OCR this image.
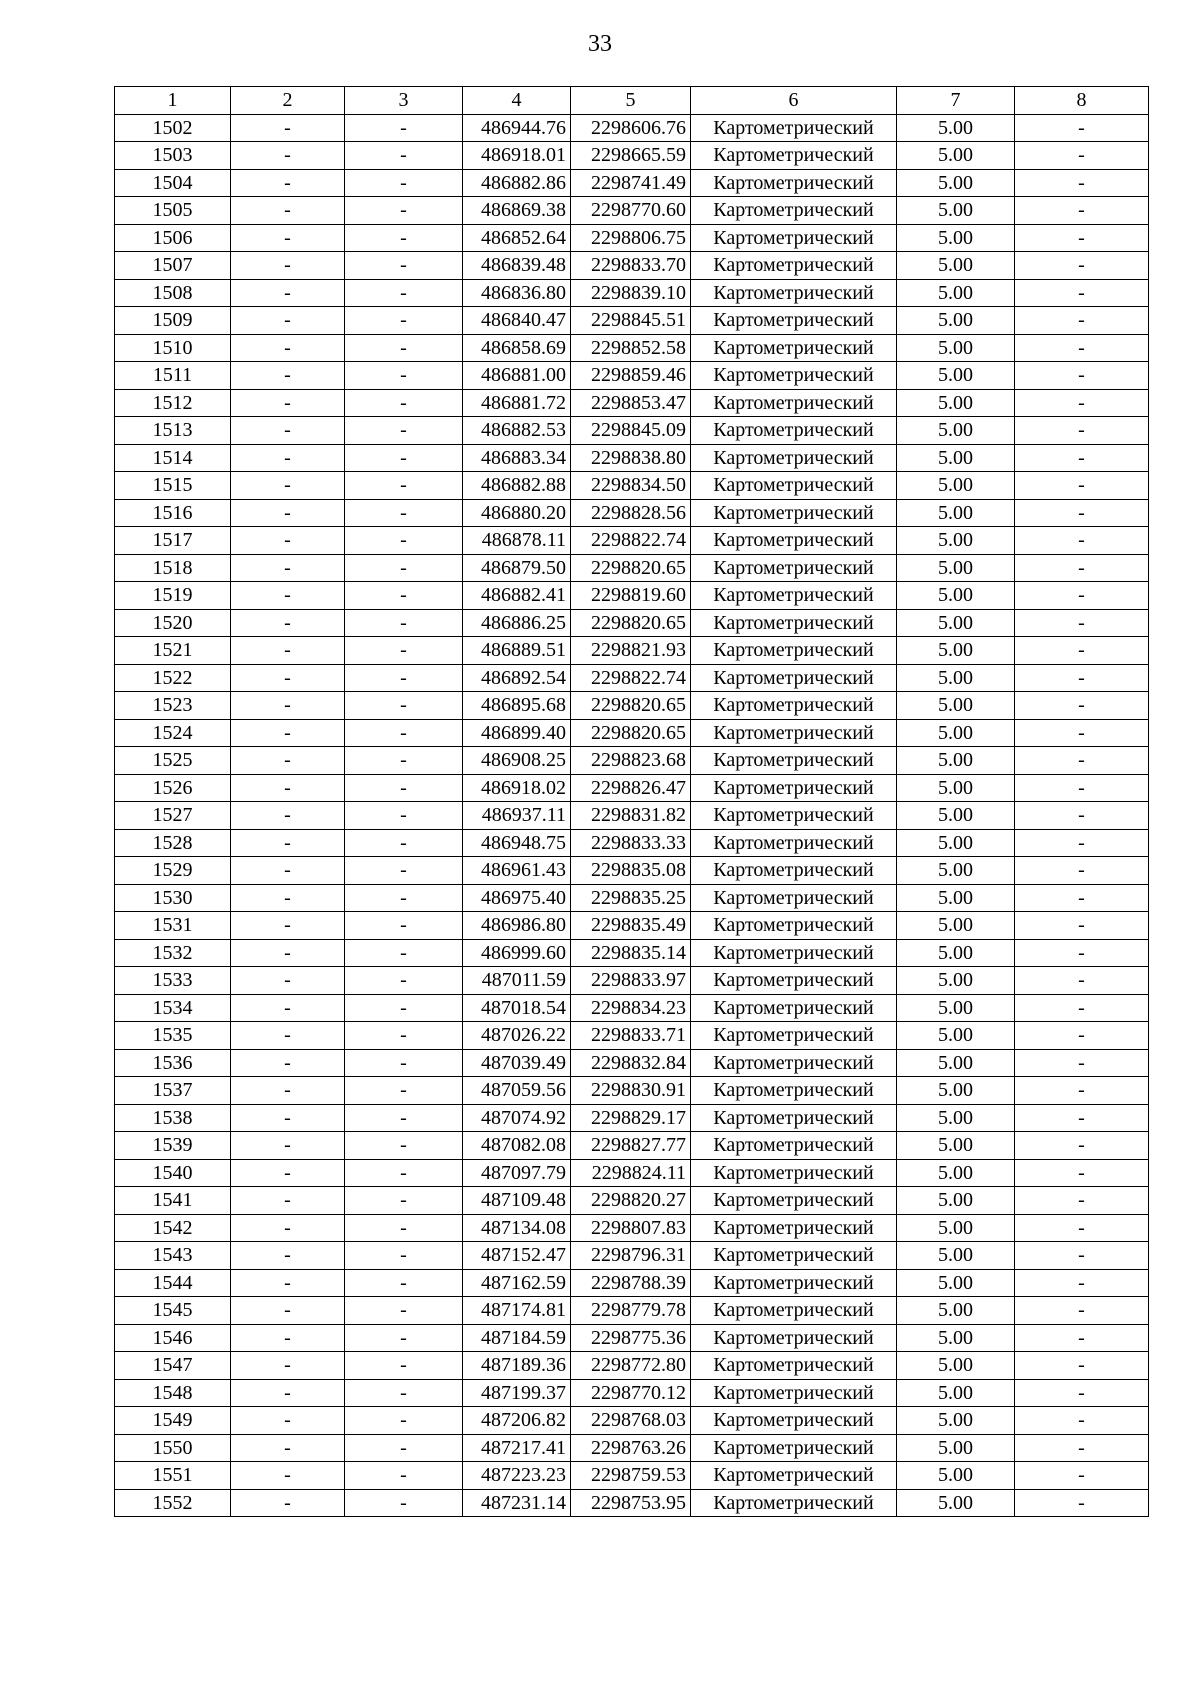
33
1	2	3	4	5	6	7	8
1502	-	-	486944.76	2298606.76	Картометрический	5.00	-
1503	-	-	486918.01	2298665.59	Картометрический	5.00	-
1504	-	-	486882.86	2298741.49	Картометрический	5.00	-
1505	-	-	486869.38	2298770.60	Картометрический	5.00	-
1506	-	-	486852.64	2298806.75	Картометрический	5.00	-
1507	-	-	486839.48	2298833.70	Картометрический	5.00	-
1508	-	-	486836.80	2298839.10	Картометрический	5.00	-
1509	-	-	486840.47	2298845.51	Картометрический	5.00	-
1510	-	-	486858.69	2298852.58	Картометрический	5.00	-
1511	-	-	486881.00	2298859.46	Картометрический	5.00	-
1512	-	-	486881.72	2298853.47	Картометрический	5.00	-
1513	-	-	486882.53	2298845.09	Картометрический	5.00	-
1514	-	-	486883.34	2298838.80	Картометрический	5.00	-
1515	-	-	486882.88	2298834.50	Картометрический	5.00	-
1516	-	-	486880.20	2298828.56	Картометрический	5.00	-
1517	-	-	486878.11	2298822.74	Картометрический	5.00	-
1518	-	-	486879.50	2298820.65	Картометрический	5.00	-
1519	-	-	486882.41	2298819.60	Картометрический	5.00	-
1520	-	-	486886.25	2298820.65	Картометрический	5.00	-
1521	-	-	486889.51	2298821.93	Картометрический	5.00	-
1522	-	-	486892.54	2298822.74	Картометрический	5.00	-
1523	-	-	486895.68	2298820.65	Картометрический	5.00	-
1524	-	-	486899.40	2298820.65	Картометрический	5.00	-
1525	-	-	486908.25	2298823.68	Картометрический	5.00	-
1526	-	-	486918.02	2298826.47	Картометрический	5.00	-
1527	-	-	486937.11	2298831.82	Картометрический	5.00	-
1528	-	-	486948.75	2298833.33	Картометрический	5.00	-
1529	-	-	486961.43	2298835.08	Картометрический	5.00	-
1530	-	-	486975.40	2298835.25	Картометрический	5.00	-
1531	-	-	486986.80	2298835.49	Картометрический	5.00	-
1532	-	-	486999.60	2298835.14	Картометрический	5.00	-
1533	-	-	487011.59	2298833.97	Картометрический	5.00	-
1534	-	-	487018.54	2298834.23	Картометрический	5.00	-
1535	-	-	487026.22	2298833.71	Картометрический	5.00	-
1536	-	-	487039.49	2298832.84	Картометрический	5.00	-
1537	-	-	487059.56	2298830.91	Картометрический	5.00	-
1538	-	-	487074.92	2298829.17	Картометрический	5.00	-
1539	-	-	487082.08	2298827.77	Картометрический	5.00	-
1540	-	-	487097.79	2298824.11	Картометрический	5.00	-
1541	-	-	487109.48	2298820.27	Картометрический	5.00	-
1542	-	-	487134.08	2298807.83	Картометрический	5.00	-
1543	-	-	487152.47	2298796.31	Картометрический	5.00	-
1544	-	-	487162.59	2298788.39	Картометрический	5.00	-
1545	-	-	487174.81	2298779.78	Картометрический	5.00	-
1546	-	-	487184.59	2298775.36	Картометрический	5.00	-
1547	-	-	487189.36	2298772.80	Картометрический	5.00	-
1548	-	-	487199.37	2298770.12	Картометрический	5.00	-
1549	-	-	487206.82	2298768.03	Картометрический	5.00	-
1550	-	-	487217.41	2298763.26	Картометрический	5.00	-
1551	-	-	487223.23	2298759.53	Картометрический	5.00	-
1552	-	-	487231.14	2298753.95	Картометрический	5.00	-
